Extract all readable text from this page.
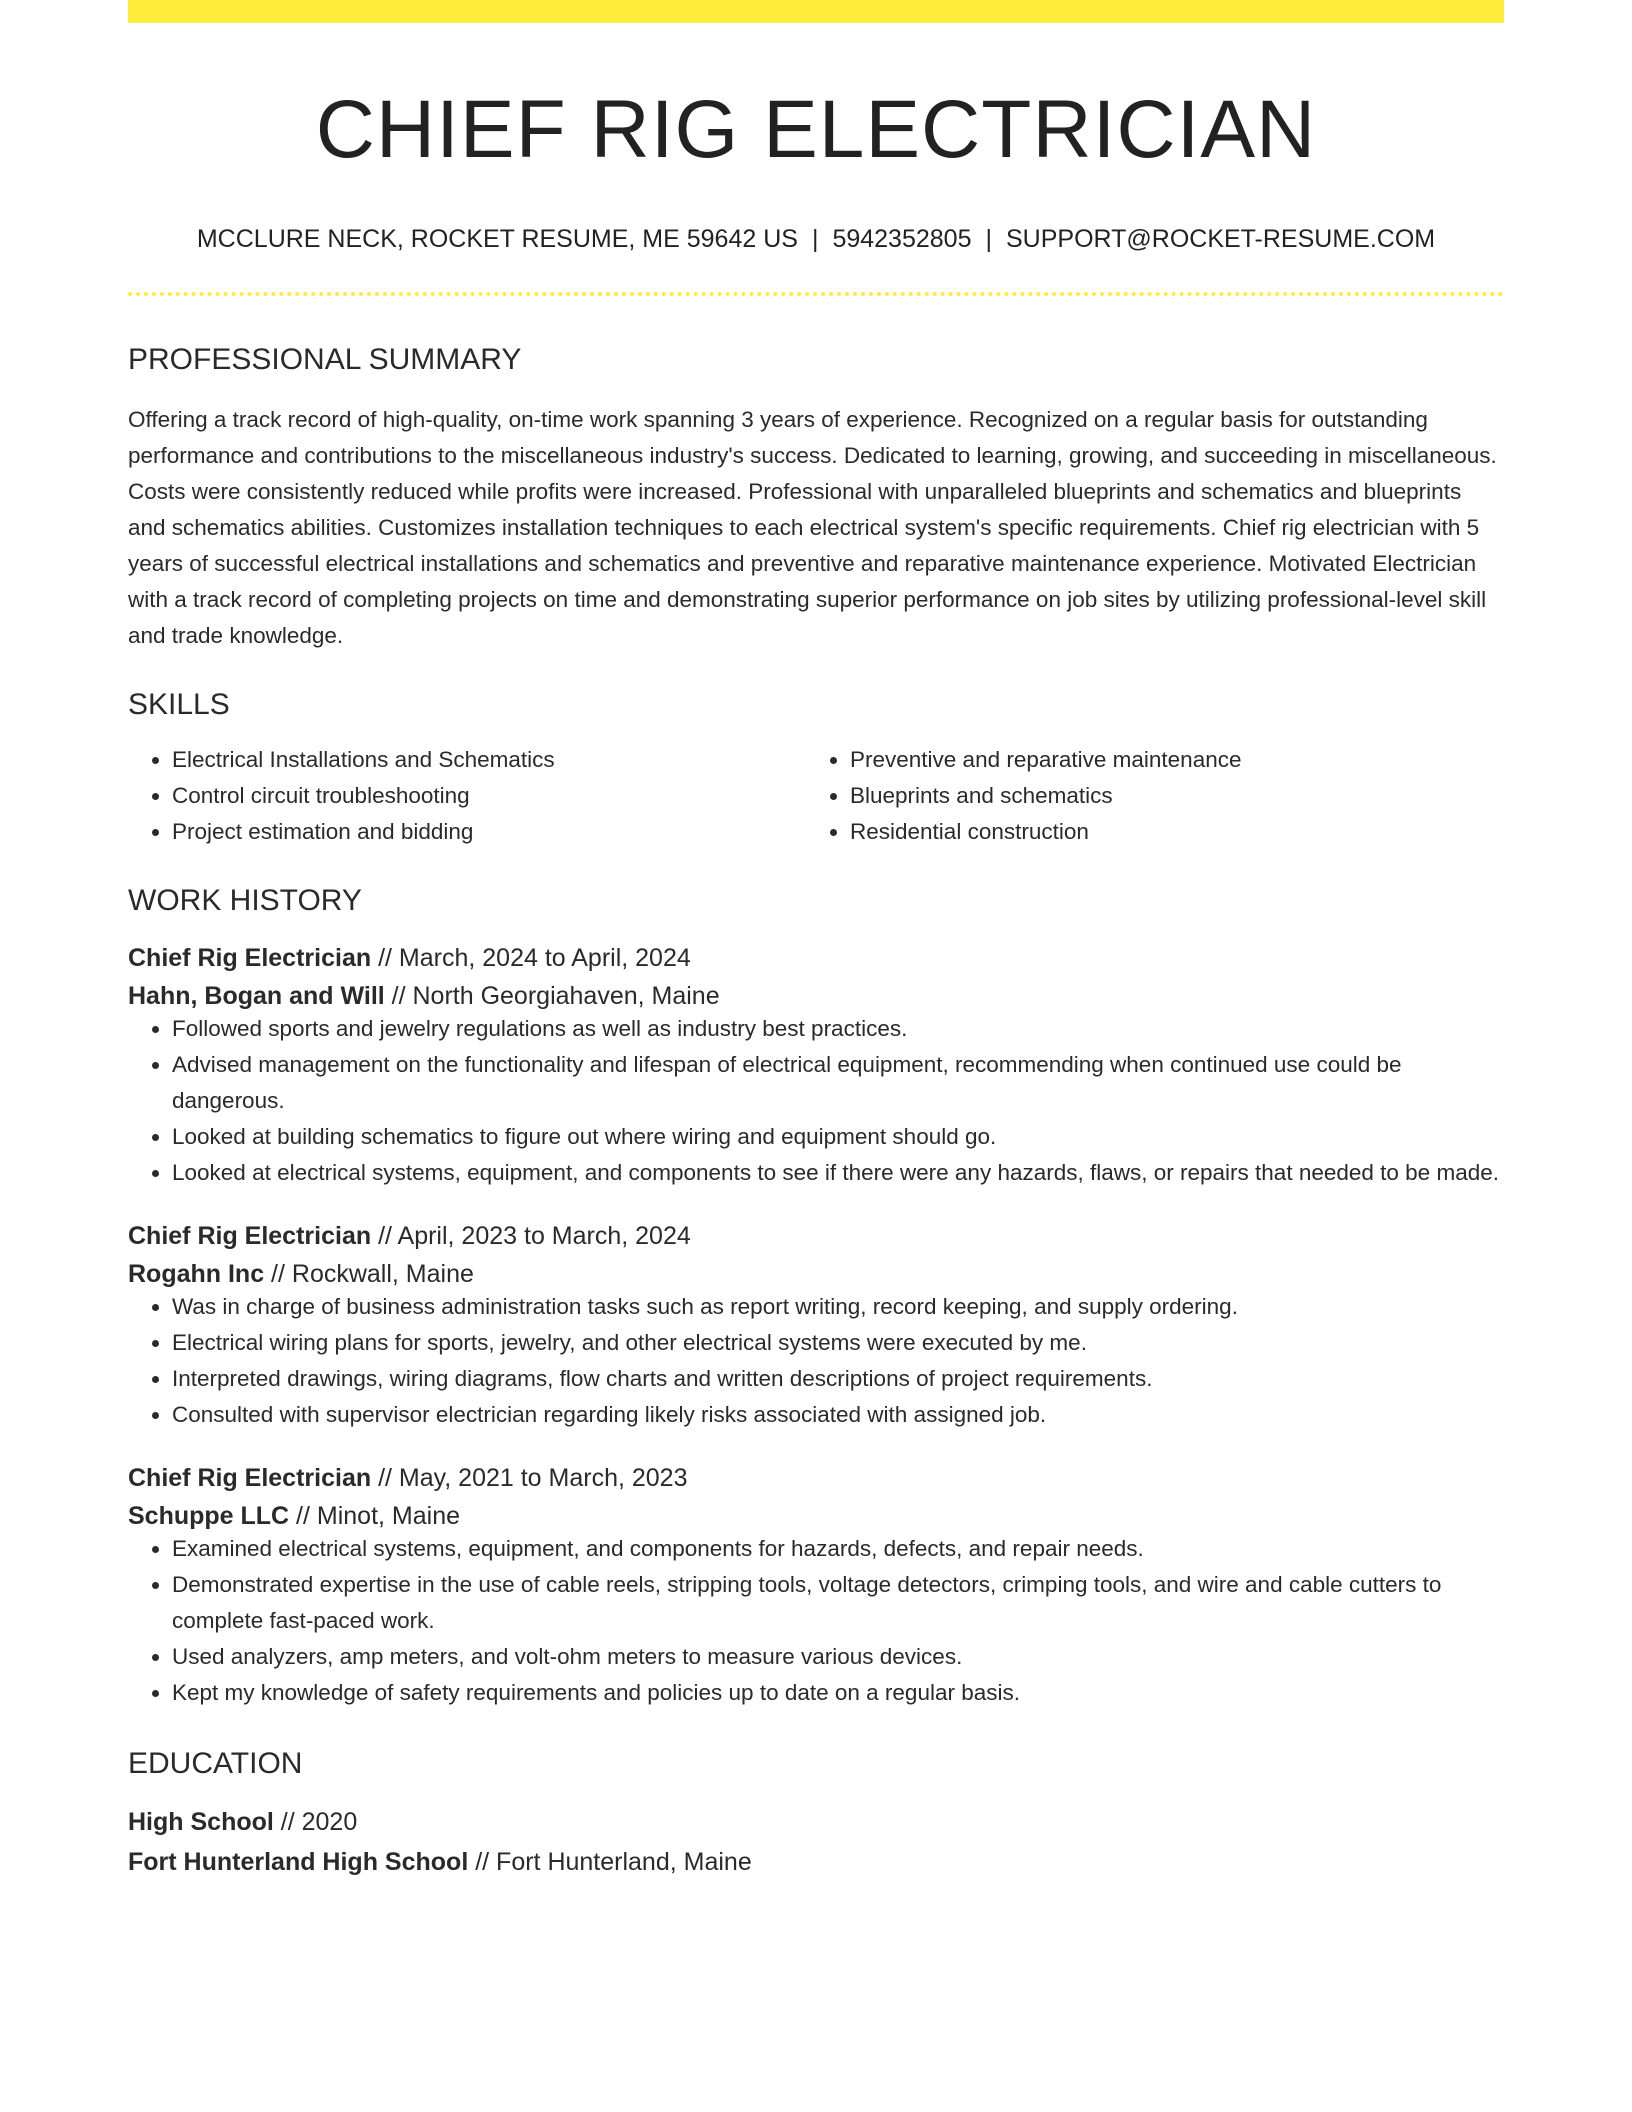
CHIEF RIG ELECTRICIAN
MCCLURE NECK, ROCKET RESUME, ME 59642 US | 5942352805 | SUPPORT@ROCKET-RESUME.COM
PROFESSIONAL SUMMARY

Offering a track record of high-quality, on-time work spanning 3 years of experience. Recognized on a regular basis for outstanding performance and contributions to the miscellaneous industry's success. Dedicated to learning, growing, and succeeding in miscellaneous. Costs were consistently reduced while profits were increased. Professional with unparalleled blueprints and schematics and blueprints and schematics abilities. Customizes installation techniques to each electrical system's specific requirements. Chief rig electrician with 5 years of successful electrical installations and schematics and preventive and reparative maintenance experience. Motivated Electrician with a track record of completing projects on time and demonstrating superior performance on job sites by utilizing professional-level skill and trade knowledge.

SKILLS
• Electrical Installations and Schematics
• Control circuit troubleshooting
• Project estimation and bidding
• Preventive and reparative maintenance
• Blueprints and schematics
• Residential construction
WORK HISTORY
Chief Rig Electrician // March, 2024 to April, 2024
Hahn, Bogan and Will // North Georgiahaven, Maine
• Followed sports and jewelry regulations as well as industry best practices.
• Advised management on the functionality and lifespan of electrical equipment, recommending when continued use could be dangerous.
• Looked at building schematics to figure out where wiring and equipment should go.
• Looked at electrical systems, equipment, and components to see if there were any hazards, flaws, or repairs that needed to be made.
Chief Rig Electrician // April, 2023 to March, 2024
Rogahn Inc // Rockwall, Maine
• Was in charge of business administration tasks such as report writing, record keeping, and supply ordering.
• Electrical wiring plans for sports, jewelry, and other electrical systems were executed by me.
• Interpreted drawings, wiring diagrams, flow charts and written descriptions of project requirements.
• Consulted with supervisor electrician regarding likely risks associated with assigned job.
Chief Rig Electrician // May, 2021 to March, 2023
Schuppe LLC // Minot, Maine
• Examined electrical systems, equipment, and components for hazards, defects, and repair needs.
• Demonstrated expertise in the use of cable reels, stripping tools, voltage detectors, crimping tools, and wire and cable cutters to complete fast-paced work.
• Used analyzers, amp meters, and volt-ohm meters to measure various devices.
• Kept my knowledge of safety requirements and policies up to date on a regular basis.
EDUCATION
High School // 2020
Fort Hunterland High School // Fort Hunterland, Maine
